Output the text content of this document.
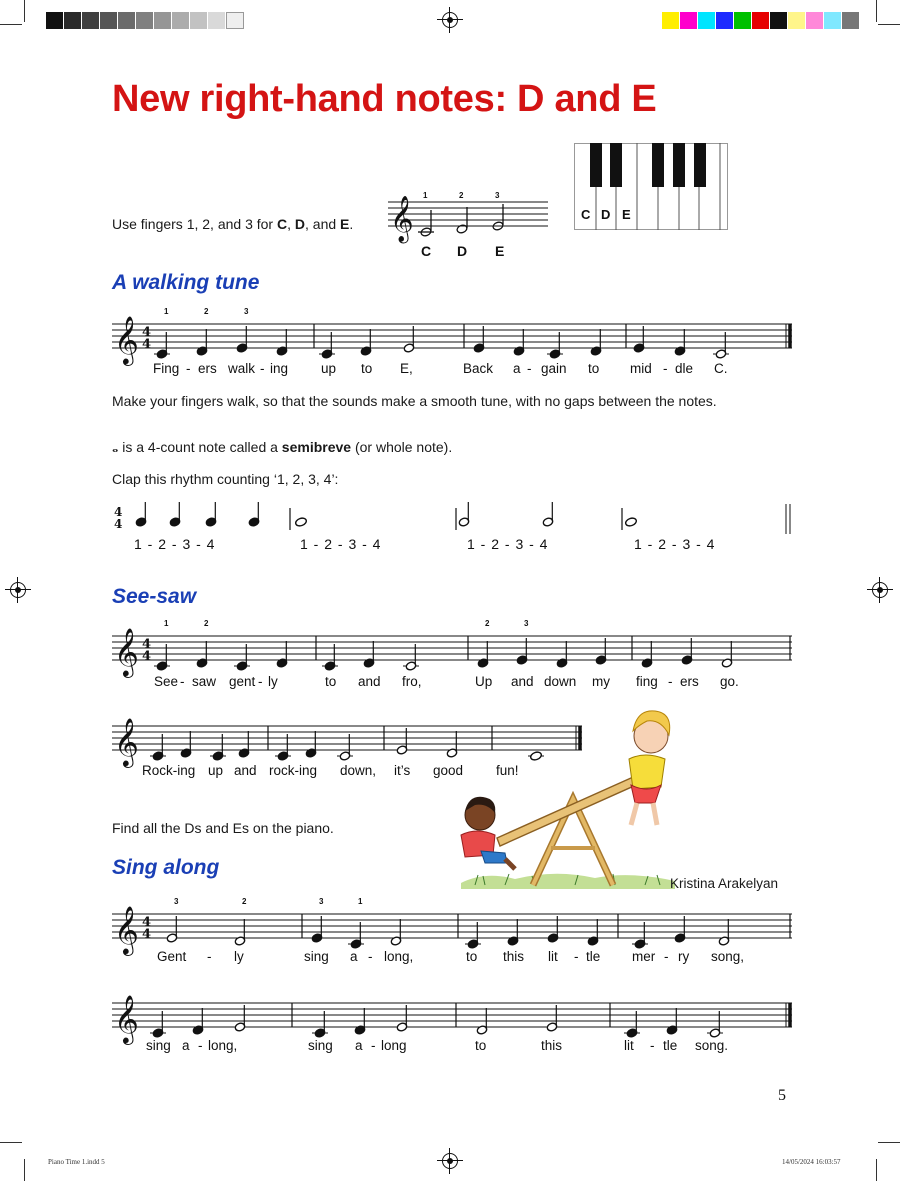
New right-hand notes: D and E
Use fingers 1, 2, and 3 for C, D, and E. 𝄞
1	2	3
C D E
C D E
A walking tune
𝄞 4
4
1	2	3
Fing - ers walk - ing up to E,	Back a - gain to mid - dle C.
Make your fingers walk, so that the sounds make a smooth tune, with no gaps between the notes.
𝅝 is a 4-count note called a semibreve (or whole note).
Clap this rhythm counting ‘1, 2, 3, 4’:
4
4
1 - 2 - 3 - 4	1 - 2 - 3 - 4	1 - 2 - 3 - 4	1 - 2 - 3 - 4
See-saw
𝄞 4
4
1	2	2	3
See - saw gent - ly	to and fro,	Up and down my fing - ers go.
𝄞
Rock-ing up and rock-ing down, it’s good fun!
Find all the Ds and Es on the piano.
Sing along
Kristina Arakelyan
𝄞 4
4
3	2	3	1
Gent - ly	sing a - long,	to this lit - tle mer - ry song,
𝄞
sing a - long,	sing a - long	to	this	lit - tle song.
5
Piano Time 1.indd 5	14/05/2024 16:03:57
